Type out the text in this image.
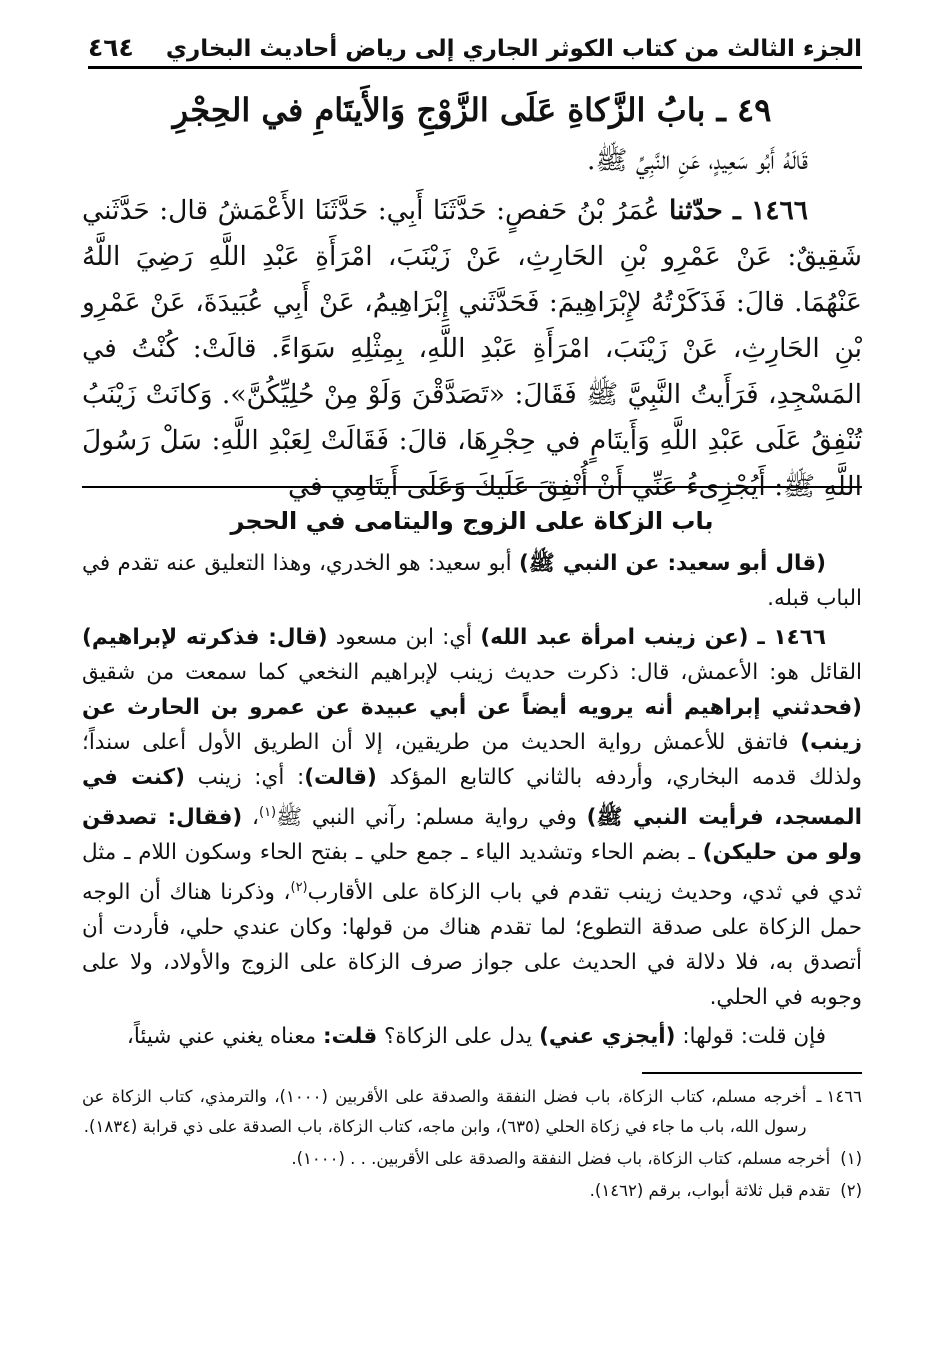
الجزء الثالث من كتاب الكوثر الجاري إلى رياض أحاديث البخاري
٤٦٤
٤٩ ـ بابُ الزَّكاةِ عَلَى الزَّوْجِ وَالأَيتَامِ في الحِجْرِ

قَالَهُ أَبُو سَعِيدٍ، عَنِ النَّبِيِّ ﷺ.

١٤٦٦ ـ حدّثنا عُمَرُ بْنُ حَفصٍ: حَدَّثَنَا أَبِي: حَدَّثَنَا الأَعْمَشُ قال: حَدَّثَني شَقِيقٌ: عَنْ عَمْرِو بْنِ الحَارِثِ، عَنْ زَيْنَبَ، امْرَأَةِ عَبْدِ اللَّهِ رَضِيَ اللَّهُ عَنْهُمَا. قالَ: فَذَكَرْتُهُ لإِبْرَاهِيمَ: فَحَدَّثَني إِبْرَاهِيمُ، عَنْ أَبِي عُبَيدَةَ، عَنْ عَمْرِو بْنِ الحَارِثِ، عَنْ زَيْنَبَ، امْرَأَةِ عَبْدِ اللَّهِ، بِمِثْلِهِ سَوَاءً. قالَتْ: كُنْتُ في المَسْجِدِ، فَرَأَيتُ النَّبِيَّ ﷺ فَقَالَ: «تَصَدَّقْنَ وَلَوْ مِنْ حُلِيِّكُنَّ». وَكانَتْ زَيْنَبُ تُنْفِقُ عَلَى عَبْدِ اللَّهِ وَأَيتَامٍ في حِجْرِهَا، قالَ: فَقَالَتْ لِعَبْدِ اللَّهِ: سَلْ رَسُولَ اللَّهِ ﷺ: أَيُجْزِىءُ عَنِّي أَنْ أُنْفِقَ عَلَيكَ وَعَلَى أَيتَامِي في

باب الزكاة على الزوج واليتامى في الحجر

(قال أبو سعيد: عن النبي ﷺ) أبو سعيد: هو الخدري، وهذا التعليق عنه تقدم في الباب قبله.

١٤٦٦ ـ (عن زينب امرأة عبد الله) أي: ابن مسعود (قال: فذكرته لإبراهيم) القائل هو: الأعمش، قال: ذكرت حديث زينب لإبراهيم النخعي كما سمعت من شقيق (فحدثني إبراهيم أنه يرويه أيضاً عن أبي عبيدة عن عمرو بن الحارث عن زينب) فاتفق للأعمش رواية الحديث من طريقين، إلا أن الطريق الأول أعلى سنداً؛ ولذلك قدمه البخاري، وأردفه بالثاني كالتابع المؤكد (قالت): أي: زينب (كنت في المسجد، فرأيت النبي ﷺ) وفي رواية مسلم: رآني النبي ﷺ$^{(١)}$، (فقال: تصدقن ولو من حليكن) ـ بضم الحاء وتشديد الياء ـ جمع حلي ـ بفتح الحاء وسكون اللام ـ مثل ثدي في ثدي، وحديث زينب تقدم في باب الزكاة على الأقارب$^{(٢)}$، وذكرنا هناك أن الوجه حمل الزكاة على صدقة التطوع؛ لما تقدم هناك من قولها: وكان عندي حلي، فأردت أن أتصدق به، فلا دلالة في الحديث على جواز صرف الزكاة على الزوج والأولاد، ولا على وجوبه في الحلي.

فإن قلت: قولها: (أيجزي عني) يدل على الزكاة؟ قلت: معناه يغني عني شيئاً،

١٤٦٦ ـ
أخرجه مسلم، كتاب الزكاة، باب فضل النفقة والصدقة على الأقربين (١٠٠٠)، والترمذي، كتاب الزكاة عن رسول الله، باب ما جاء في زكاة الحلي (٦٣٥)، وابن ماجه، كتاب الزكاة، باب الصدقة على ذي قرابة (١٨٣٤).
(١)
أخرجه مسلم، كتاب الزكاة، باب فضل النفقة والصدقة على الأقربين. . . (١٠٠٠).
(٢)
تقدم قبل ثلاثة أبواب، برقم (١٤٦٢).
